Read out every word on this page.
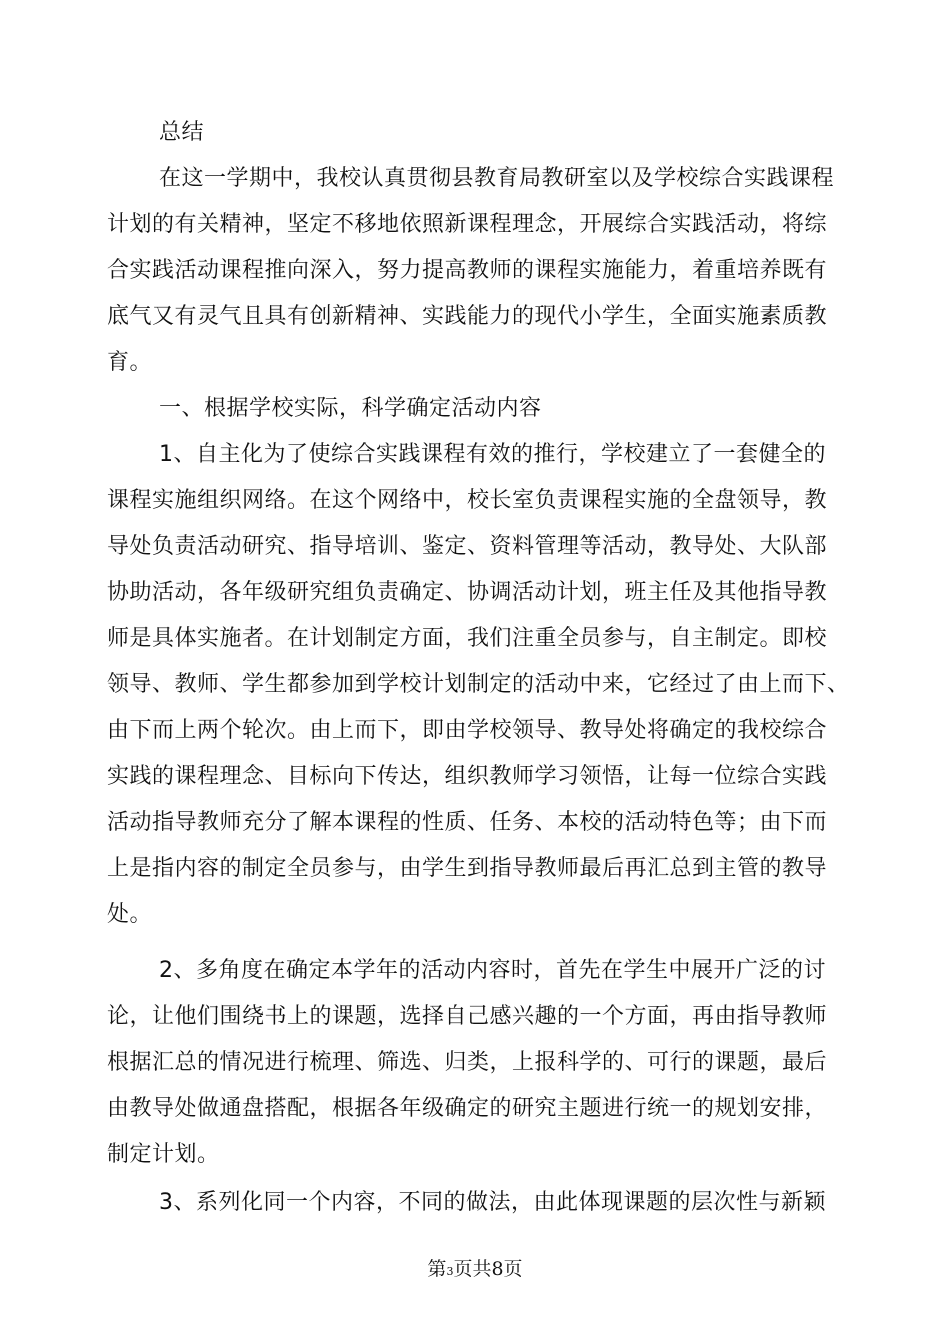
总结
在这一学期中，我校认真贯彻县教育局教研室以及学校综合实践课程
计划的有关精神，坚定不移地依照新课程理念，开展综合实践活动，将综
合实践活动课程推向深入，努力提高教师的课程实施能力，着重培养既有
底气又有灵气且具有创新精神、实践能力的现代小学生，全面实施素质教
育。
一、根据学校实际，科学确定活动内容
1、自主化为了使综合实践课程有效的推行，学校建立了一套健全的
课程实施组织网络。在这个网络中，校长室负责课程实施的全盘领导，教
导处负责活动研究、指导培训、鉴定、资料管理等活动，教导处、大队部
协助活动，各年级研究组负责确定、协调活动计划，班主任及其他指导教
师是具体实施者。在计划制定方面，我们注重全员参与，自主制定。即校
领导、教师、学生都参加到学校计划制定的活动中来，它经过了由上而下、
由下而上两个轮次。由上而下，即由学校领导、教导处将确定的我校综合
实践的课程理念、目标向下传达，组织教师学习领悟，让每一位综合实践
活动指导教师充分了解本课程的性质、任务、本校的活动特色等；由下而
上是指内容的制定全员参与，由学生到指导教师最后再汇总到主管的教导
处。
2、多角度在确定本学年的活动内容时，首先在学生中展开广泛的讨
论，让他们围绕书上的课题，选择自己感兴趣的一个方面，再由指导教师
根据汇总的情况进行梳理、筛选、归类，上报科学的、可行的课题，最后
由教导处做通盘搭配，根据各年级确定的研究主题进行统一的规划安排，
制定计划。
3、系列化同一个内容，不同的做法，由此体现课题的层次性与新颖
第3页共8页
